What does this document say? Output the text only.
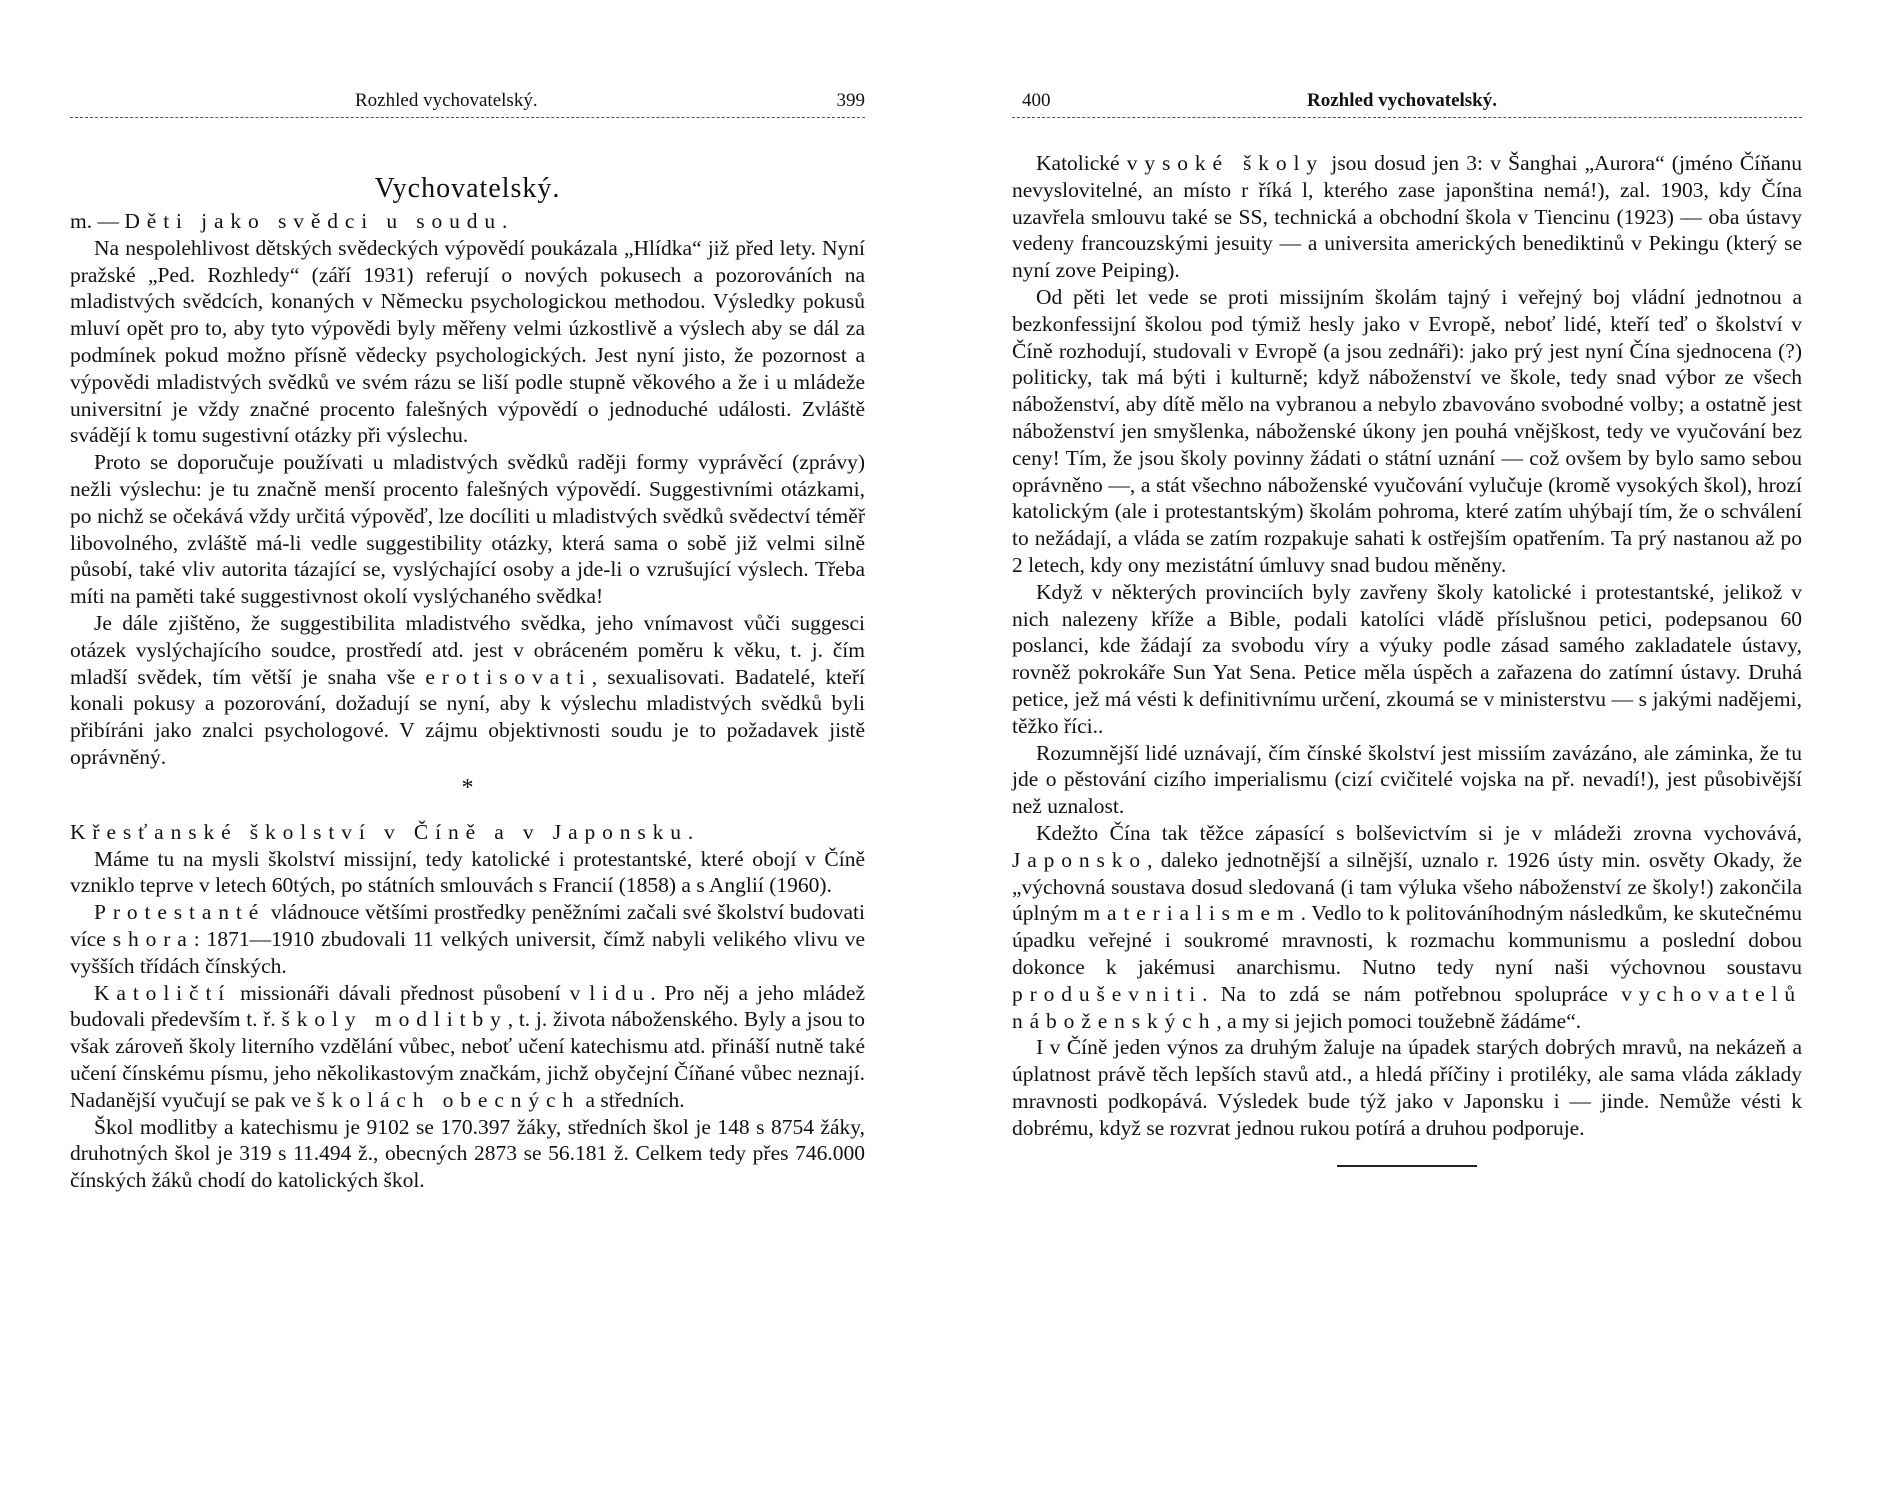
Rozhled vychovatelský.	399
Vychovatelský.

m. — Děti jako svědci u soudu.

Na nespolehlivost dětských svědeckých výpovědí poukázala „Hlídka“ již před lety. Nyní pražské „Ped. Rozhledy“ (září 1931) referují o nových pokusech a pozorováních na mladistvých svědcích, konaných v Německu psychologickou methodou. Výsledky pokusů mluví opět pro to, aby tyto výpovědi byly měřeny velmi úzkostlivě a výslech aby se dál za podmínek pokud možno přísně vědecky psychologických. Jest nyní jisto, že pozornost a výpovědi mladistvých svědků ve svém rázu se liší podle stupně věkového a že i u mládeže universitní je vždy značné procento falešných výpovědí o jednoduché události. Zvláště svádějí k tomu sugestivní otázky při výslechu.

Proto se doporučuje používati u mladistvých svědků raději formy vyprávěcí (zprávy) nežli výslechu: je tu značně menší procento falešných výpovědí. Suggestivními otázkami, po nichž se očekává vždy určitá výpověď, lze docíliti u mladistvých svědků svědectví téměř libovolného, zvláště má-li vedle suggestibility otázky, která sama o sobě již velmi silně působí, také vliv autorita tázající se, vyslýchající osoby a jde-li o vzrušující výslech. Třeba míti na paměti také suggestivnost okolí vyslýchaného svědka!

Je dále zjištěno, že suggestibilita mladistvého svědka, jeho vnímavost vůči suggesci otázek vyslýchajícího soudce, prostředí atd. jest v obráceném poměru k věku, t. j. čím mladší svědek, tím větší je snaha vše erotisovati, sexualisovati. Badatelé, kteří konali pokusy a pozorování, dožadují se nyní, aby k výslechu mladistvých svědků byli přibíráni jako znalci psychologové. V zájmu objektivnosti soudu je to požadavek jistě oprávněný.

*

Křesťanské školství v Číně a v Japonsku.

Máme tu na mysli školství missijní, tedy katolické i protestantské, které obojí v Číně vzniklo teprve v letech 60tých, po státních smlouvách s Francií (1858) a s Anglií (1960).

Protestanté vládnouce většími prostředky peněžními začali své školství budovati více shora: 1871—1910 zbudovali 11 velkých universit, čímž nabyli velikého vlivu ve vyšších třídách čínských.

Katoličtí missionáři dávali přednost působení v lidu. Pro něj a jeho mládež budovali především t. ř. školy modlitby, t. j. života náboženského. Byly a jsou to však zároveň školy literního vzdělání vůbec, neboť učení katechismu atd. přináší nutně také učení čínskému písmu, jeho několikastovým značkám, jichž obyčejní Číňané vůbec neznají. Nadanější vyučují se pak ve školách obecných a středních.

Škol modlitby a katechismu je 9102 se 170.397 žáky, středních škol je 148 s 8754 žáky, druhotných škol je 319 s 11.494 ž., obecných 2873 se 56.181 ž. Celkem tedy přes 746.000 čínských žáků chodí do katolických škol.

400	Rozhled vychovatelský.

Katolické vysoké školy jsou dosud jen 3: v Šanghai „Aurora“ (jméno Číňanu nevyslovitelné, an místo r říká l, kterého zase japonština nemá!), zal. 1903, kdy Čína uzavřela smlouvu také se SS, technická a obchodní škola v Tiencinu (1923) — oba ústavy vedeny francouzskými jesuity — a universita amerických benediktinů v Pekingu (který se nyní zove Peiping).

Od pěti let vede se proti missijním školám tajný i veřejný boj vládní jednotnou a bezkonfessijní školou pod týmiž hesly jako v Evropě, neboť lidé, kteří teď o školství v Číně rozhodují, studovali v Evropě (a jsou zednáři): jako prý jest nyní Čína sjednocena (?) politicky, tak má býti i kulturně; když náboženství ve škole, tedy snad výbor ze všech náboženství, aby dítě mělo na vybranou a nebylo zbavováno svobodné volby; a ostatně jest náboženství jen smyšlenka, náboženské úkony jen pouhá vnějškost, tedy ve vyučování bez ceny! Tím, že jsou školy povinny žádati o státní uznání — což ovšem by bylo samo sebou oprávněno —, a stát všechno náboženské vyučování vylučuje (kromě vysokých škol), hrozí katolickým (ale i protestantským) školám pohroma, které zatím uhýbají tím, že o schválení to nežádají, a vláda se zatím rozpakuje sahati k ostřejším opatřením. Ta prý nastanou až po 2 letech, kdy ony mezistátní úmluvy snad budou měněny.

Když v některých provinciích byly zavřeny školy katolické i protestantské, jelikož v nich nalezeny kříže a Bible, podali katolíci vládě příslušnou petici, podepsanou 60 poslanci, kde žádají za svobodu víry a výuky podle zásad samého zakladatele ústavy, rovněž pokrokáře Sun Yat Sena. Petice měla úspěch a zařazena do zatímní ústavy. Druhá petice, jež má vésti k definitivnímu určení, zkoumá se v ministerstvu — s jakými nadějemi, těžko říci..

Rozumnější lidé uznávají, čím čínské školství jest missiím zavázáno, ale záminka, že tu jde o pěstování cizího imperialismu (cizí cvičitelé vojska na př. nevadí!), jest působivější než uznalost.

Kdežto Čína tak těžce zápasící s bolševictvím si je v mládeži zrovna vychovává, Japonsko, daleko jednotnější a silnější, uznalo r. 1926 ústy min. osvěty Okady, že „výchovná soustava dosud sledovaná (i tam výluka všeho náboženství ze školy!) zakončila úplným materialismem. Vedlo to k politováníhodným následkům, ke skutečnému úpadku veřejné i soukromé mravnosti, k rozmachu kommunismu a poslední dobou dokonce k jakémusi anarchismu. Nutno tedy nyní naši výchovnou soustavu produševniti. Na to zdá se nám potřebnou spolupráce vychovatelů náboženských, a my si jejich pomoci toužebně žádáme“.

I v Číně jeden výnos za druhým žaluje na úpadek starých dobrých mravů, na nekázeň a úplatnost právě těch lepších stavů atd., a hledá příčiny i protiléky, ale sama vláda základy mravnosti podkopává. Výsledek bude týž jako v Japonsku i — jinde. Nemůže vésti k dobrému, když se rozvrat jednou rukou potírá a druhou podporuje.
